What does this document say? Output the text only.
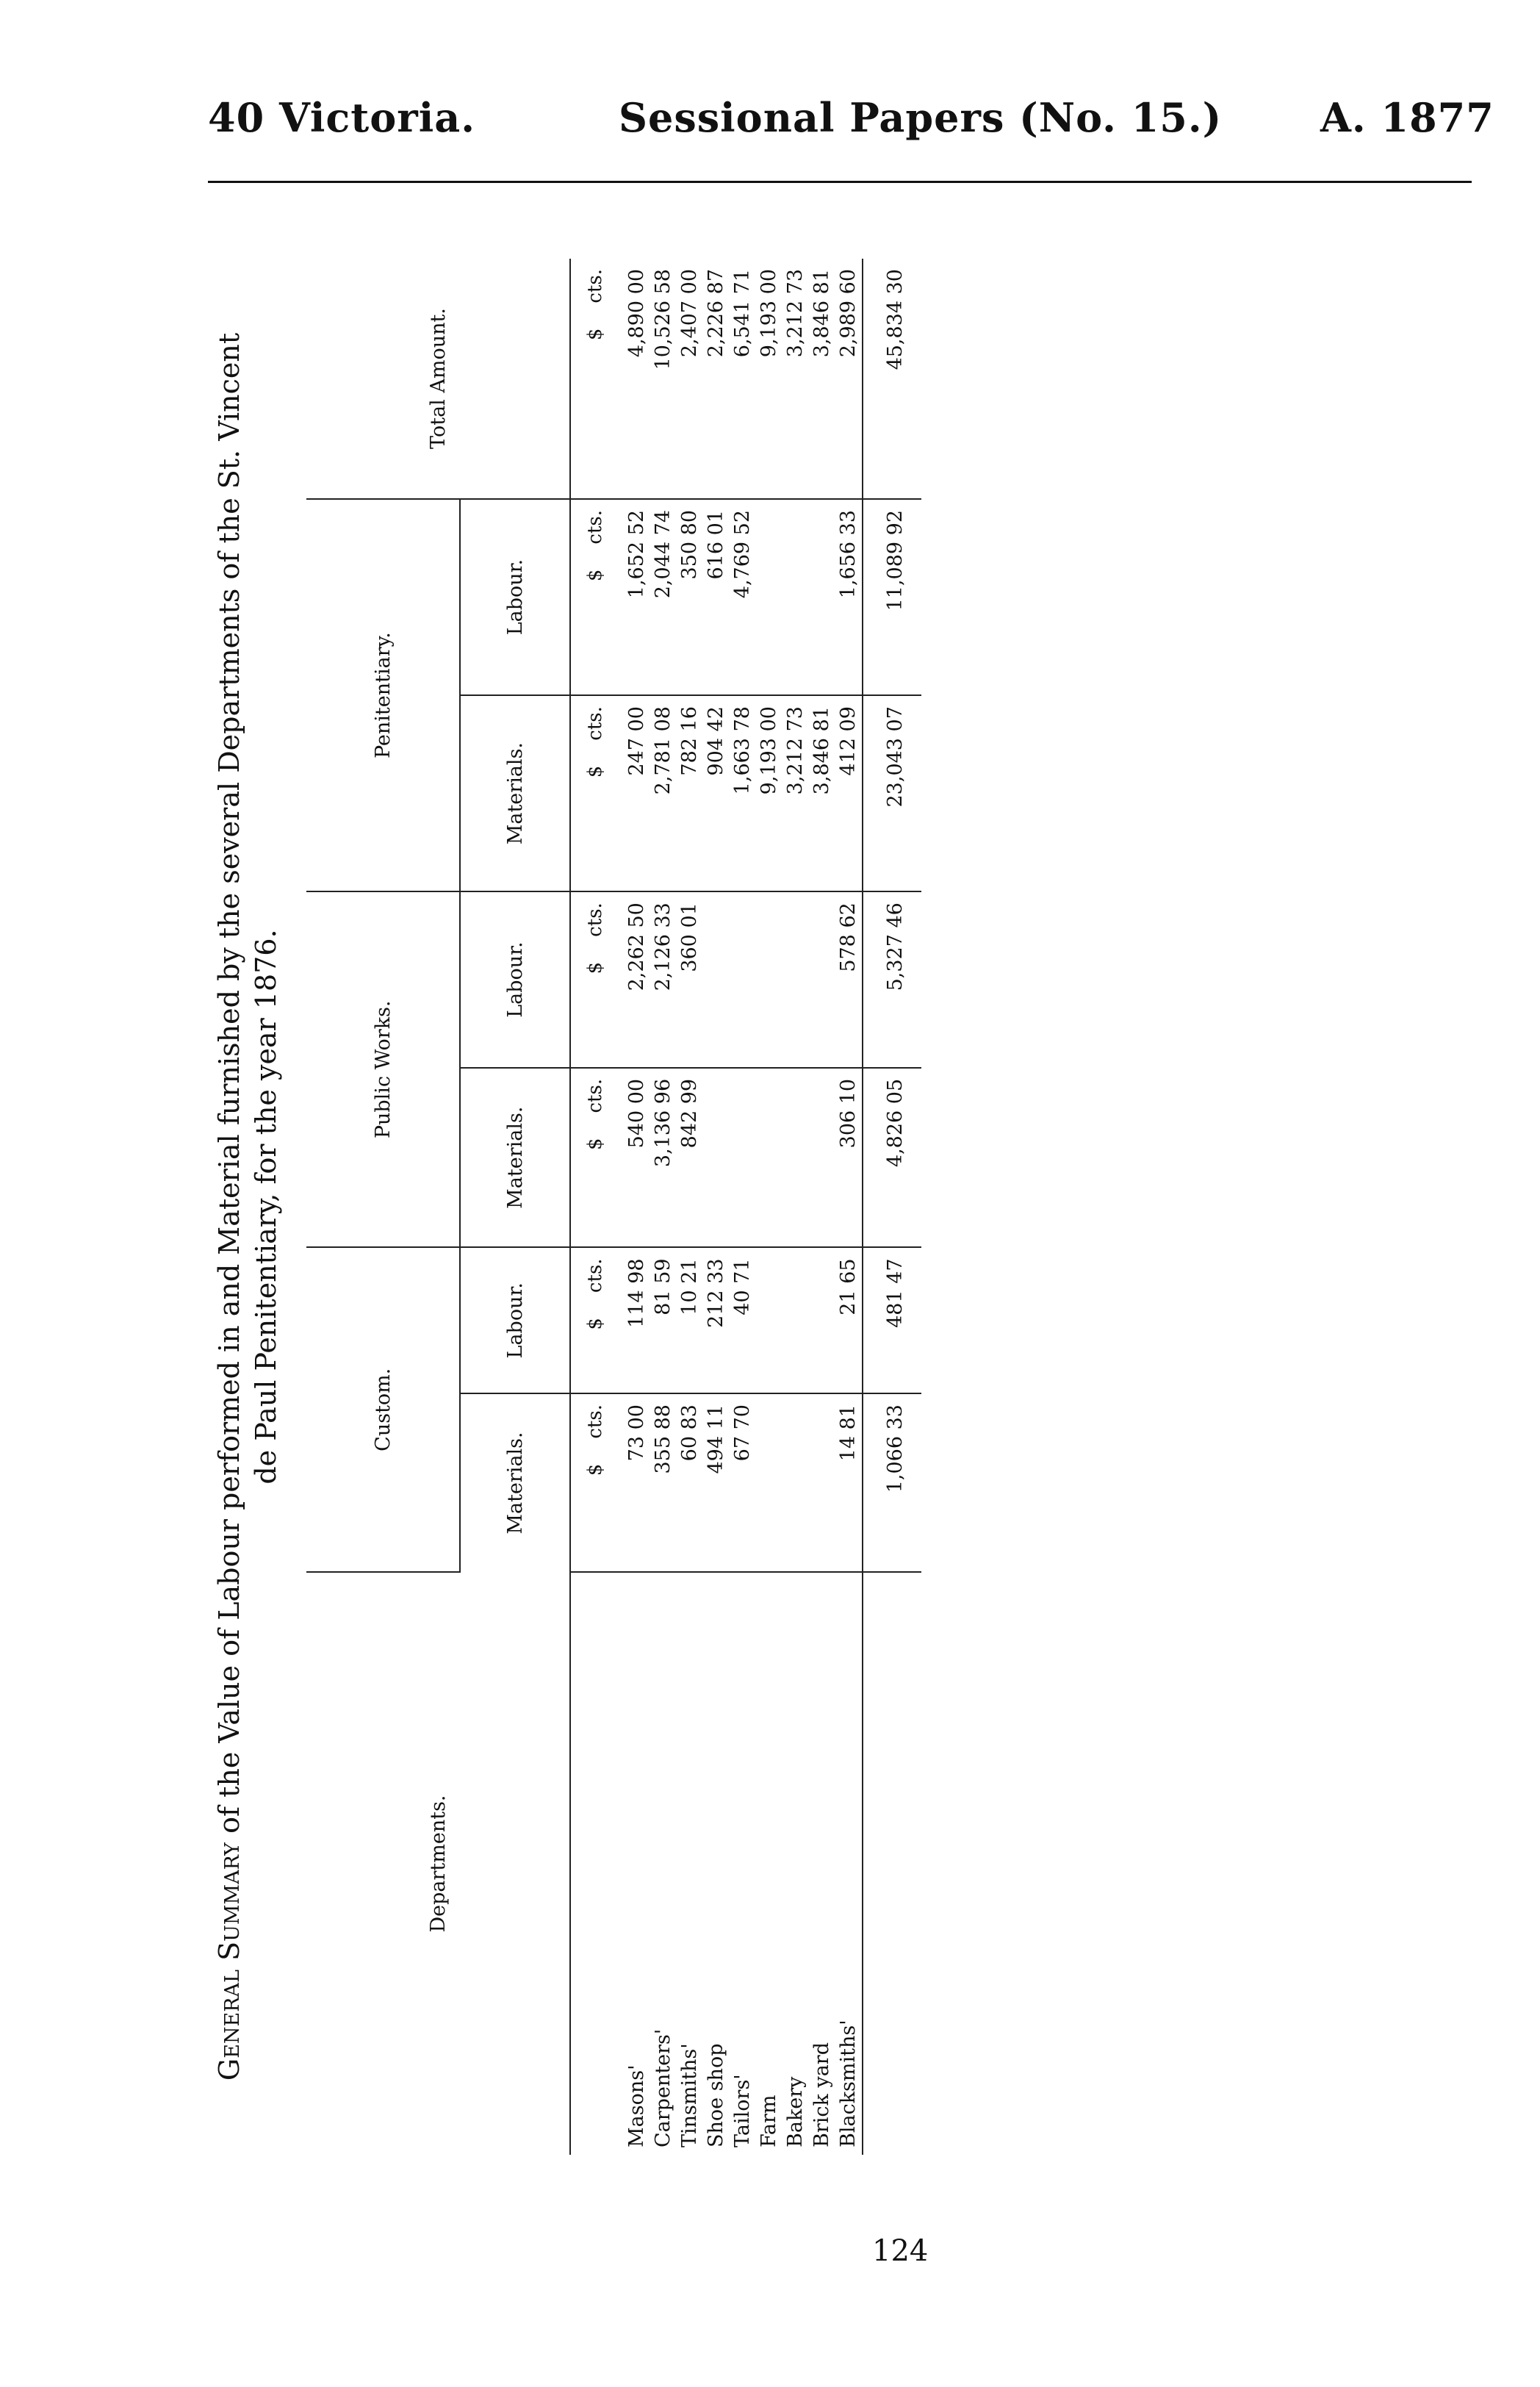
40 Victoria.	Sessional Papers (No. 15.) A. 1877
General Summary of the Value of Labour performed in and Material furnished by the several Departments of the St. Vincent de Paul Penitentiary, for the year 1876.
Departments.	Custom.		Public Works.		Penitentiary.		Total Amount.
	Materials.	Labour.	Materials.	Labour.	Materials.	Labour.	
	$cts.	$cts.	$cts.	$cts.	$cts.	$cts.	$cts.
Masons'	73 00	114 98	540 00	2,262 50	247 00	1,652 52	4,890 00
Carpenters'	355 88	81 59	3,136 96	2,126 33	2,781 08	2,044 74	10,526 58
Tinsmiths'	60 83	10 21	842 99	360 01	782 16	350 80	2,407 00
Shoe shop	494 11	212 33			904 42	616 01	2,226 87
Tailors'	67 70	40 71			1,663 78	4,769 52	6,541 71
Farm					9,193 00		9,193 00
Bakery					3,212 73		3,212 73
Brick yard					3,846 81		3,846 81
Blacksmiths'	14 81	21 65	306 10	578 62	412 09	1,656 33	2,989 60
	1,066 33	481 47	4,826 05	5,327 46	23,043 07	11,089 92	45,834 30
124
